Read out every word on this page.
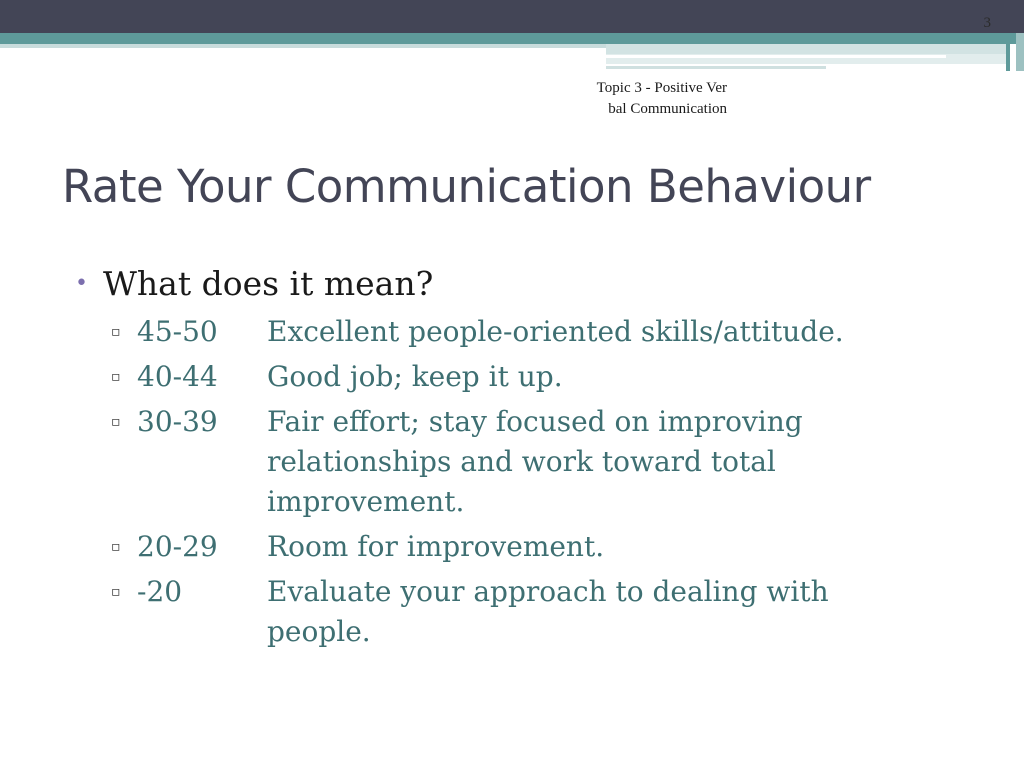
3
Topic 3 - Positive Verbal Communication
Rate Your Communication Behaviour
• What does it mean?
▫ 45-50	Excellent people-oriented skills/attitude.
▫ 40-44	Good job; keep it up.
▫ 30-39	Fair effort; stay focused on improving relationships and work toward total improvement.
▫ 20-29	Room for improvement.
▫ -20	Evaluate your approach to dealing with people.
